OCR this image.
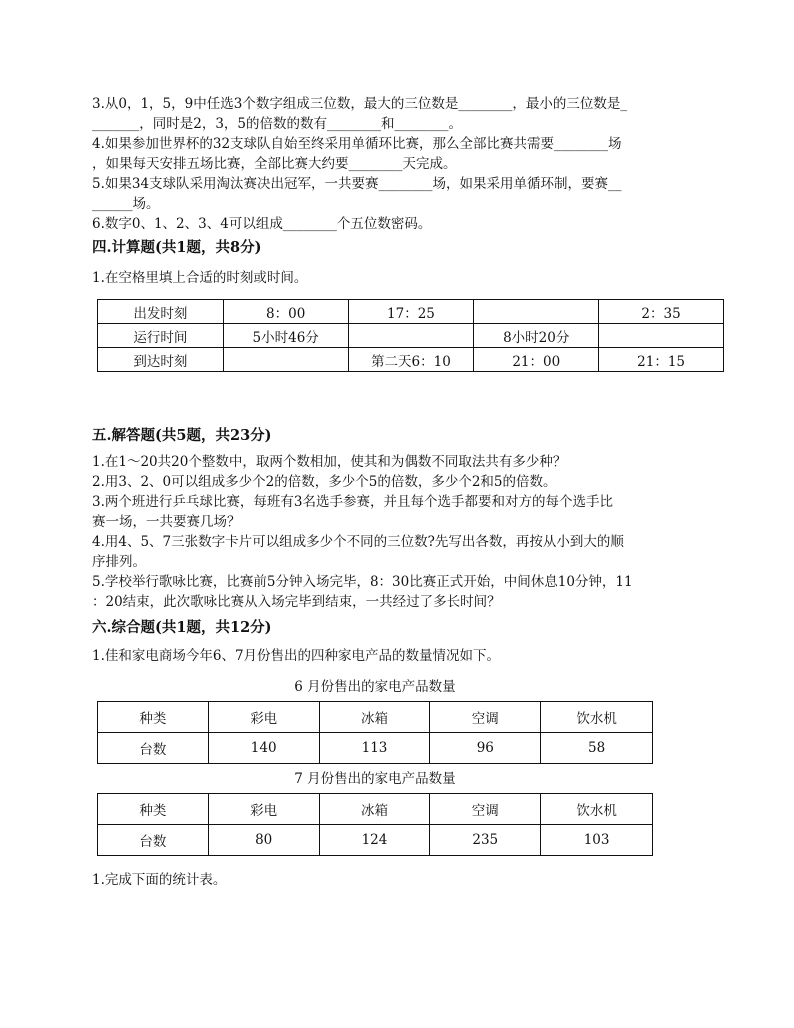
3.从0，1，5，9中任选3个数字组成三位数，最大的三位数是________，最小的三位数是_
_______，同时是2，3，5的倍数的数有________和________。
4.如果参加世界杯的32支球队自始至终采用单循环比赛，那么全部比赛共需要________场
，如果每天安排五场比赛，全部比赛大约要________天完成。
5.如果34支球队采用淘汰赛决出冠军，一共要赛________场，如果采用单循环制，要赛__
______场。
6.数字0、1、2、3、4可以组成________个五位数密码。
四.计算题(共1题，共8分)
1.在空格里填上合适的时刻或时间。
出发时刻	8：00	17：25		2：35
运行时间	5小时46分		8小时20分	
到达时刻		第二天6：10	21：00	21：15
五.解答题(共5题，共23分)
1.在1～20共20个整数中，取两个数相加，使其和为偶数不同取法共有多少种？
2.用3、2、0可以组成多少个2的倍数，多少个5的倍数，多少个2和5的倍数。
3.两个班进行乒乓球比赛，每班有3名选手参赛，并且每个选手都要和对方的每个选手比
赛一场，一共要赛几场？
4.用4、5、7三张数字卡片可以组成多少个不同的三位数?先写出各数，再按从小到大的顺
序排列。
5.学校举行歌咏比赛，比赛前5分钟入场完毕，8：30比赛正式开始，中间休息10分钟，11
：20结束，此次歌咏比赛从入场完毕到结束，一共经过了多长时间？
六.综合题(共1题，共12分)
1.佳和家电商场今年6、7月份售出的四种家电产品的数量情况如下。
6 月份售出的家电产品数量
种类	彩电	冰箱	空调	饮水机
台数	140	113	96	58
7 月份售出的家电产品数量
种类	彩电	冰箱	空调	饮水机
台数	80	124	235	103
1.完成下面的统计表。
